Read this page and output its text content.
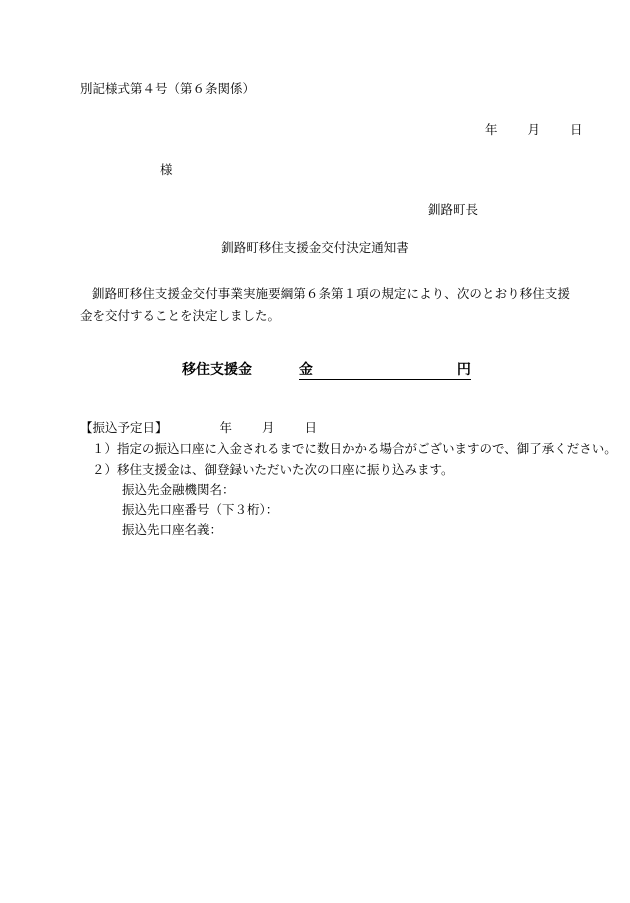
別記様式第４号（第６条関係）
年 月 日
様
釧路町長
釧路町移住支援金交付決定通知書
釧路町移住支援金交付事業実施要綱第６条第１項の規定により、次のとおり移住支援金を交付することを決定しました。
移住支援金	金	円
【振込予定日】	年 月 日
１）指定の振込口座に入金されるまでに数日かかる場合がございますので、御了承ください。
２）移住支援金は、御登録いただいた次の口座に振り込みます。
振込先金融機関名：
振込先口座番号（下３桁）：
振込先口座名義：
